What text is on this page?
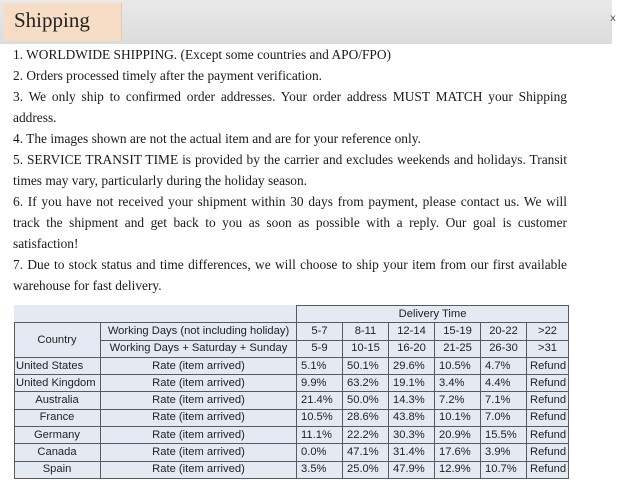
Shipping	x

1. WORLDWIDE SHIPPING. (Except some countries and APO/FPO)

2. Orders processed timely after the payment verification.

3. We only ship to confirmed order addresses. Your order address MUST MATCH your Shipping address.

4. The images shown are not the actual item and are for your reference only.

5. SERVICE TRANSIT TIME is provided by the carrier and excludes weekends and holidays. Transit times may vary, particularly during the holiday season.

6. If you have not received your shipment within 30 days from payment, please contact us. We will track the shipment and get back to you as soon as possible with a reply. Our goal is customer satisfaction!

7. Due to stock status and time differences, we will choose to ship your item from our first available warehouse for fast delivery.

		Delivery Time					
Country	Working Days (not including holiday)	5-7	8-11	12-14	15-19	20-22	>22
	Working Days + Saturday + Sunday	5-9	10-15	16-20	21-25	26-30	>31
United States	Rate (item arrived)	5.1%	50.1%	29.6%	10.5%	4.7%	Refund
United Kingdom	Rate (item arrived)	9.9%	63.2%	19.1%	3.4%	4.4%	Refund
Australia	Rate (item arrived)	21.4%	50.0%	14.3%	7.2%	7.1%	Refund
France	Rate (item arrived)	10.5%	28.6%	43.8%	10.1%	7.0%	Refund
Germany	Rate (item arrived)	11.1%	22.2%	30.3%	20.9%	15.5%	Refund
Canada	Rate (item arrived)	0.0%	47.1%	31.4%	17.6%	3.9%	Refund
Spain	Rate (item arrived)	3.5%	25.0%	47.9%	12.9%	10.7%	Refund
